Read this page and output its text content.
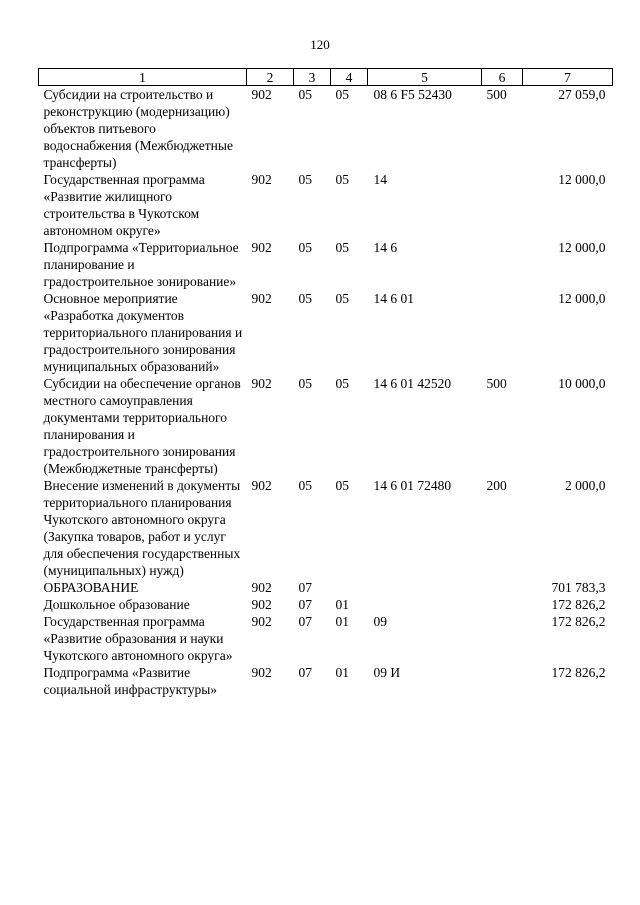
120
1	2	3	4	5	6	7
Субсидии на строительство и реконструкцию (модернизацию) объектов питьевого водоснабжения (Межбюджетные трансферты)	902	05	05	08 6 F5 52430	500	27 059,0
Государственная программа «Развитие жилищного строительства в Чукотском автономном округе»	902	05	05	14		12 000,0
Подпрограмма «Территориальное планирование и градостроительное зонирование»	902	05	05	14 6		12 000,0
Основное мероприятие «Разработка документов территориального планирования и градостроительного зонирования муниципальных образований»	902	05	05	14 6 01		12 000,0
Субсидии на обеспечение органов местного самоуправления документами территориального планирования и градостроительного зонирования (Межбюджетные трансферты)	902	05	05	14 6 01 42520	500	10 000,0
Внесение изменений в документы территориального планирования Чукотского автономного округа (Закупка товаров, работ и услуг для обеспечения государственных (муниципальных) нужд)	902	05	05	14 6 01 72480	200	2 000,0
ОБРАЗОВАНИЕ	902	07				701 783,3
Дошкольное образование	902	07	01			172 826,2
Государственная программа «Развитие образования и науки Чукотского автономного округа»	902	07	01	09		172 826,2
Подпрограмма «Развитие социальной инфраструктуры»	902	07	01	09 И		172 826,2
